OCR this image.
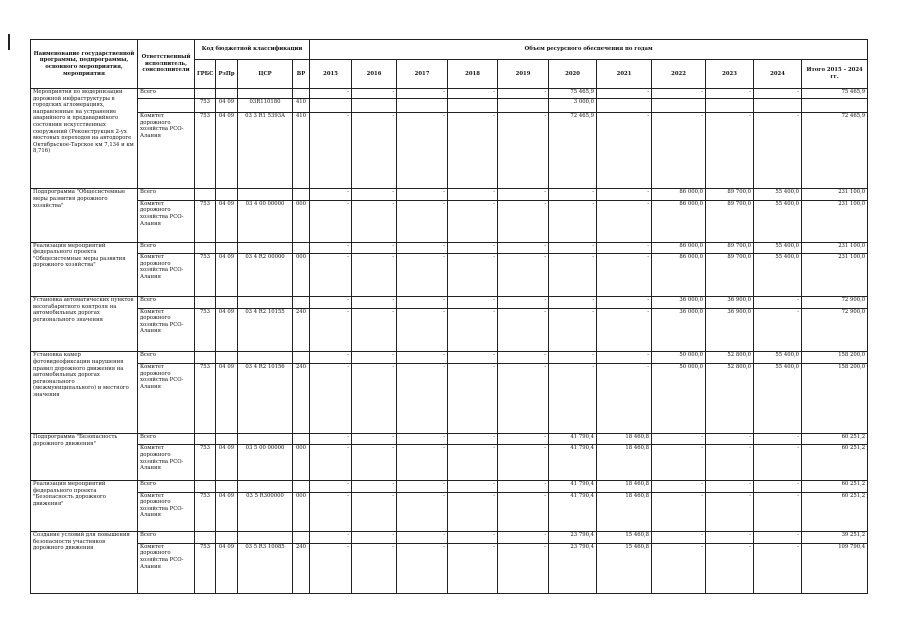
Наименование государственной программы, подпрограммы, основного мероприятия, мероприятия	Ответственный исполнитель, соисполнители	Код бюджетной классификации				Объем ресурсного обеспечения по годам										
		ГРБС	РзПр	ЦСР	ВР	2015	2016	2017	2018	2019	2020	2021	2022	2023	2024	Итого 2015 – 2024 гг.
Мероприятия по модернизации дорожной инфраструктуры в городских агломерациях, направленные на устранение аварийного и предаварийного состояния искусственных сооружений (Реконструкция 2-ух мостовых переходов на автодороге Октябрьское-Тарское км 7,134 и км 8,716)	Всего					-	-	-	-	-	75 465,9	-	-	-	-	75 465,9
		753	04 09	03R110180	410						3 000,0					
	Комитет дорожного хозяйства РСО-Алания	753	04 09	03 3 R1 5393A	410	-	-	-	-	-	72 465,9	-	-	-	-	72 465,9
Подпрограмма "Общесистемные меры развития дорожного хозяйства"	Всего					-	-	-	-	-	-	-	86 000,0	89 700,0	55 400,0	231 100,0
	Комитет дорожного хозяйства РСО-Алания	753	04 09	03 4 00 00000	000	-	-	-	-	-	-	-	86 000,0	89 700,0	55 400,0	231 100,0
Реализация мероприятий федерального проекта "Общесистемные меры развития дорожного хозяйства"	Всего					-	-	-	-	-	-	-	86 000,0	89 700,0	55 400,0	231 100,0
	Комитет дорожного хозяйства РСО-Алания	753	04 09	03 4 R2 00000	000	-	-	-	-	-	-	-	86 000,0	89 700,0	55 400,0	231 100,0
Установка автоматических пунктов весогабаритного контроля на автомобильных дорогах регионального значения	Всего					-	-	-	-	-	-	-	36 000,0	36 900,0	-	72 900,0
	Комитет дорожного хозяйства РСО-Алания	753	04 09	03 4 R2 10155	240	-	-	-	-	-	-	-	36 000,0	36 900,0	-	72 900,0
Установка камер фотовидеофиксации нарушения правил дорожного движения на автомобильных дорогах регионального (межмуниципального) и местного значения	Всего					-	-	-	-	-	-	-	50 000,0	52 800,0	55 400,0	158 200,0
	Комитет дорожного хозяйства РСО-Алания	753	04 09	03 4 R2 10156	240	-	-	-	-	-	-	-	50 000,0	52 800,0	55 400,0	158 200,0
Подпрограмма "Безопасность дорожного движения"	Всего					-	-	-	-	-	41 790,4	18 460,8	-	-	-	60 251,2
	Комитет дорожного хозяйства РСО-Алания	753	04 09	03 5 00 00000	000	-	-	-	-	-	41 790,4	18 460,8	-	-	-	60 251,2
Реализация мероприятий федерального проекта "Безопасность дорожного движения"	Всего					-	-	-	-	-	41 790,4	18 460,8	-	-	-	60 251,2
	Комитет дорожного хозяйства РСО-Алания	753	04 09	03 5 R300000	000	-	-	-	-	-	41 790,4	18 460,8	-	-	-	60 251,2
Создание условий для повышения безопасности участников дорожного движения	Всего					-	-	-	-	-	23 790,4	15 460,8	-	-	-	39 251,2
	Комитет дорожного хозяйства РСО-Алания	753	04 09	03 5 R3 10085	240	-	-	-	-	-	23 790,4	15 460,8	-	-	-	109 790,4
